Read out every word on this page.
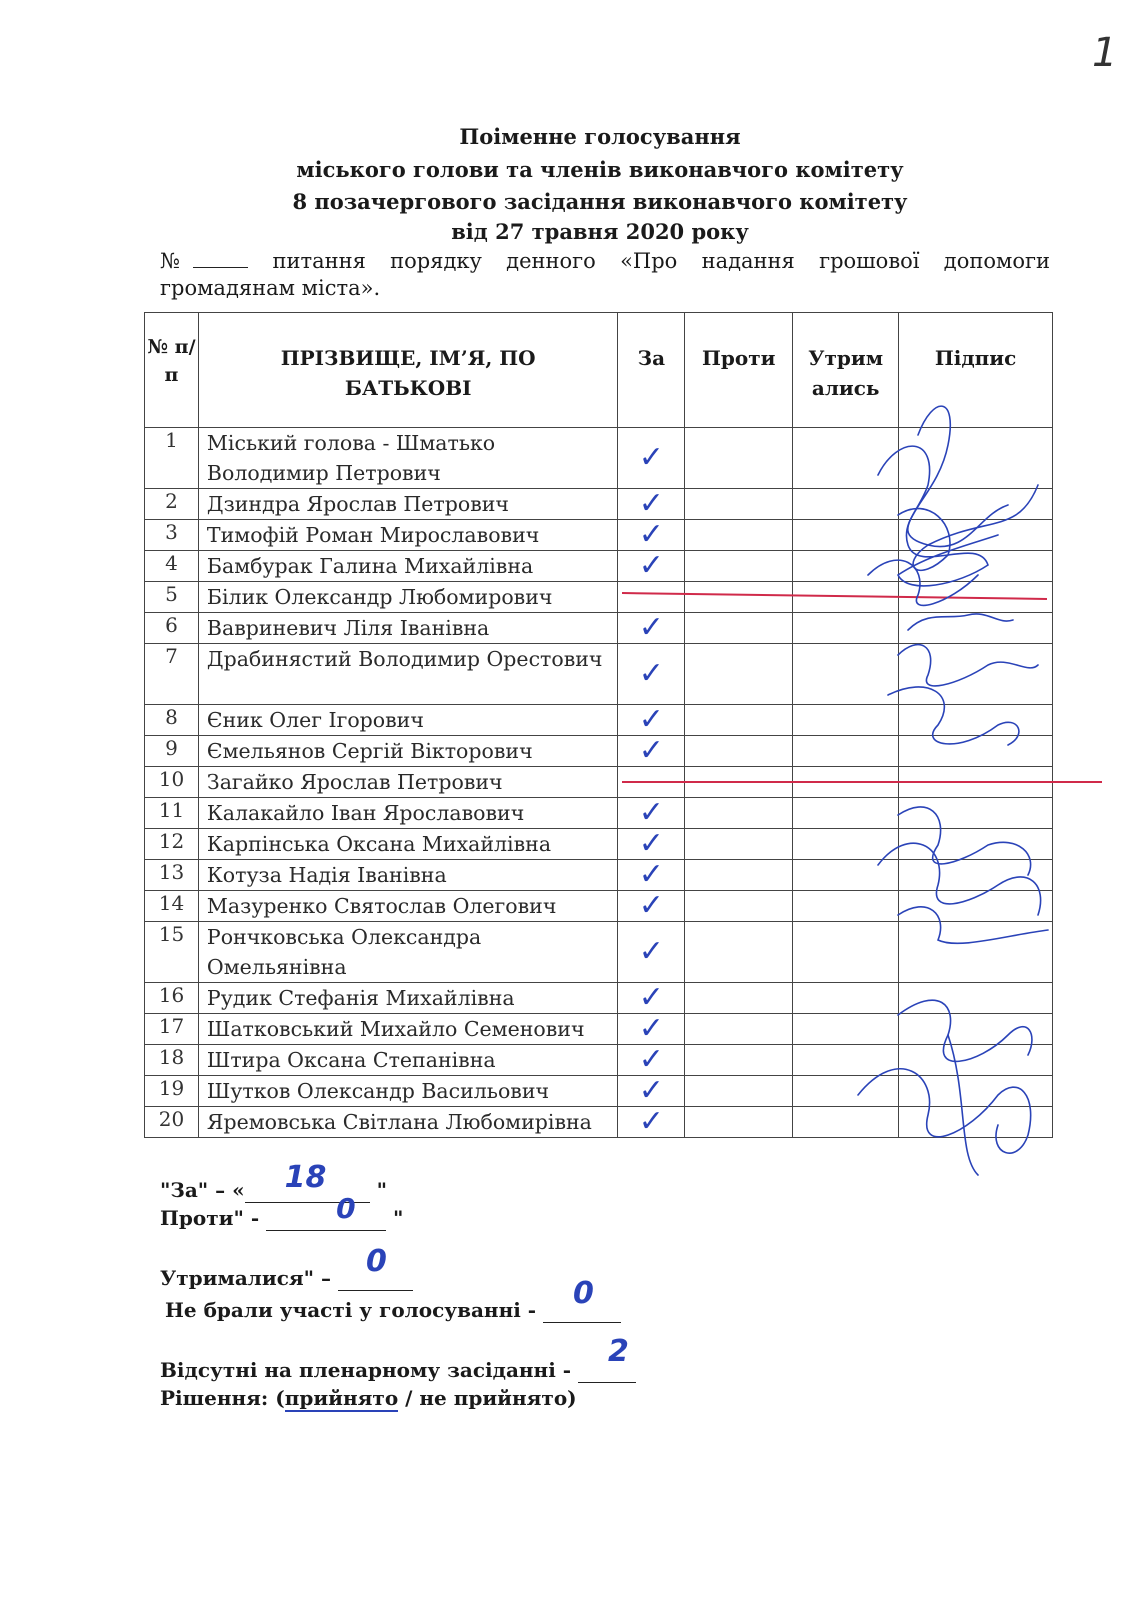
1
Поіменне голосування
міського голови та членів виконавчого комітету
8 позачергового засідання виконавчого комітету
від 27 травня 2020 року
№	питання порядку денного «Про надання грошової допомоги
громадянам міста».
№ п/п	ПРІЗВИЩЕ, ІМ’Я, ПО БАТЬКОВІ	За	Проти	Утрим ались	Підпис
1	Міський голова - Шматько Володимир Петрович	✓			
2	Дзиндра Ярослав Петрович	✓			
3	Тимофій Роман Мирославович	✓			
4	Бамбурак Галина Михайлівна	✓			
5	Білик Олександр Любомирович				
6	Вавриневич Ліля Іванівна	✓			
7	Драбинястий Володимир Орестович	✓			
8	Єник Олег Ігорович	✓			
9	Ємельянов Сергій Вікторович	✓			
10	Загайко Ярослав Петрович				
11	Калакайло Іван Ярославович	✓			
12	Карпінська Оксана Михайлівна	✓			
13	Котуза Надія Іванівна	✓			
14	Мазуренко Святослав Олегович	✓			
15	Рончковська Олександра Омельянівна	✓			
16	Рудик Стефанія Михайлівна	✓			
17	Шатковський Михайло Семенович	✓			
18	Штира Оксана Степанівна	✓			
19	Шутков Олександр Васильович	✓			
20	Яремовська Світлана Любомирівна	✓			
"За" – « 18 "
Проти" -	0 "
Утрималися" – 0

Не брали участі у голосуванні - 0

Відсутні на пленарному засіданні -
2

Рішення: (прийнято / не прийнято)
